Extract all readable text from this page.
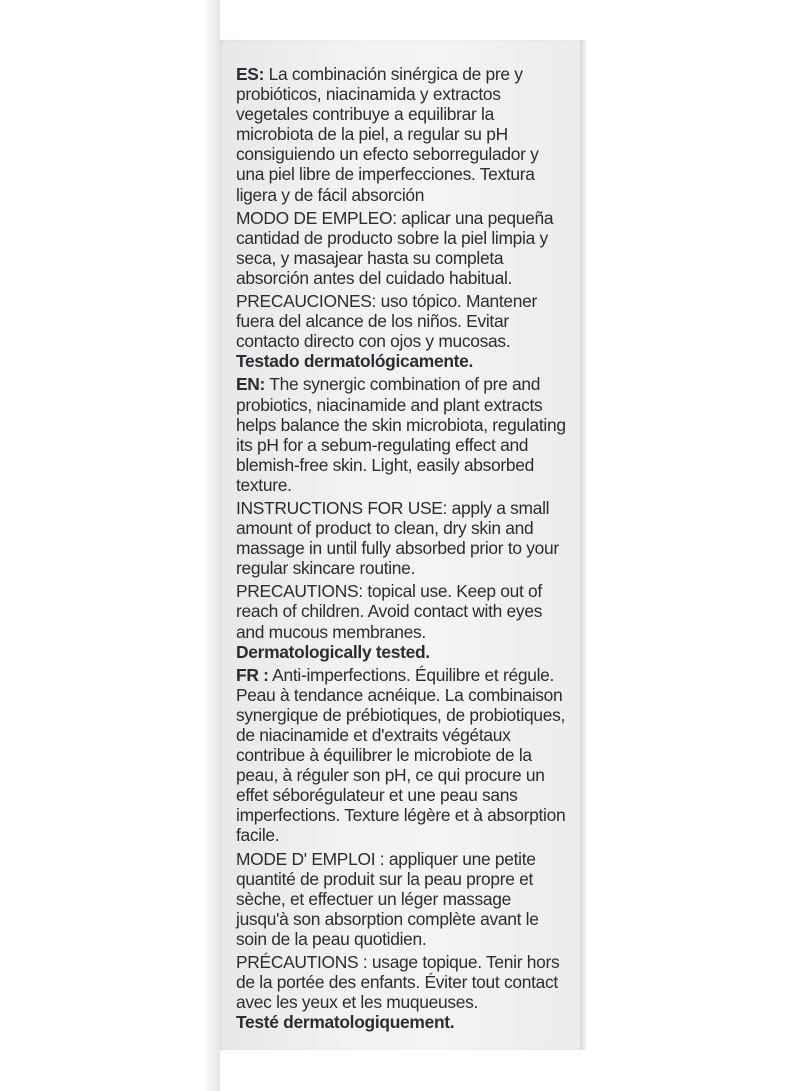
ES: La combinación sinérgica de pre y probióticos, niacinamida y extractos vegetales contribuye a equilibrar la microbiota de la piel, a regular su pH consiguiendo un efecto seborregulador y una piel libre de imperfecciones. Textura ligera y de fácil absorción

MODO DE EMPLEO: aplicar una pequeña cantidad de producto sobre la piel limpia y seca, y masajear hasta su completa absorción antes del cuidado habitual.

PRECAUCIONES: uso tópico. Mantener fuera del alcance de los niños. Evitar contacto directo con ojos y mucosas.
Testado dermatológicamente.

EN: The synergic combination of pre and probiotics, niacinamide and plant extracts helps balance the skin microbiota, regulating its pH for a sebum-regulating effect and blemish-free skin. Light, easily absorbed texture.

INSTRUCTIONS FOR USE: apply a small amount of product to clean, dry skin and massage in until fully absorbed prior to your regular skincare routine.

PRECAUTIONS: topical use. Keep out of reach of children. Avoid contact with eyes and mucous membranes.
Dermatologically tested.

FR : Anti-imperfections. Équilibre et régule. Peau à tendance acnéique. La combinaison synergique de prébiotiques, de probiotiques, de niacinamide et d'extraits végétaux contribue à équilibrer le microbiote de la peau, à réguler son pH, ce qui procure un effet séborégulateur et une peau sans imperfections. Texture légère et à absorption facile.

MODE D' EMPLOI : appliquer une petite quantité de produit sur la peau propre et sèche, et effectuer un léger massage jusqu'à son absorption complète avant le soin de la peau quotidien.

PRÉCAUTIONS : usage topique. Tenir hors de la portée des enfants. Éviter tout contact avec les yeux et les muqueuses.
Testé dermatologiquement.
